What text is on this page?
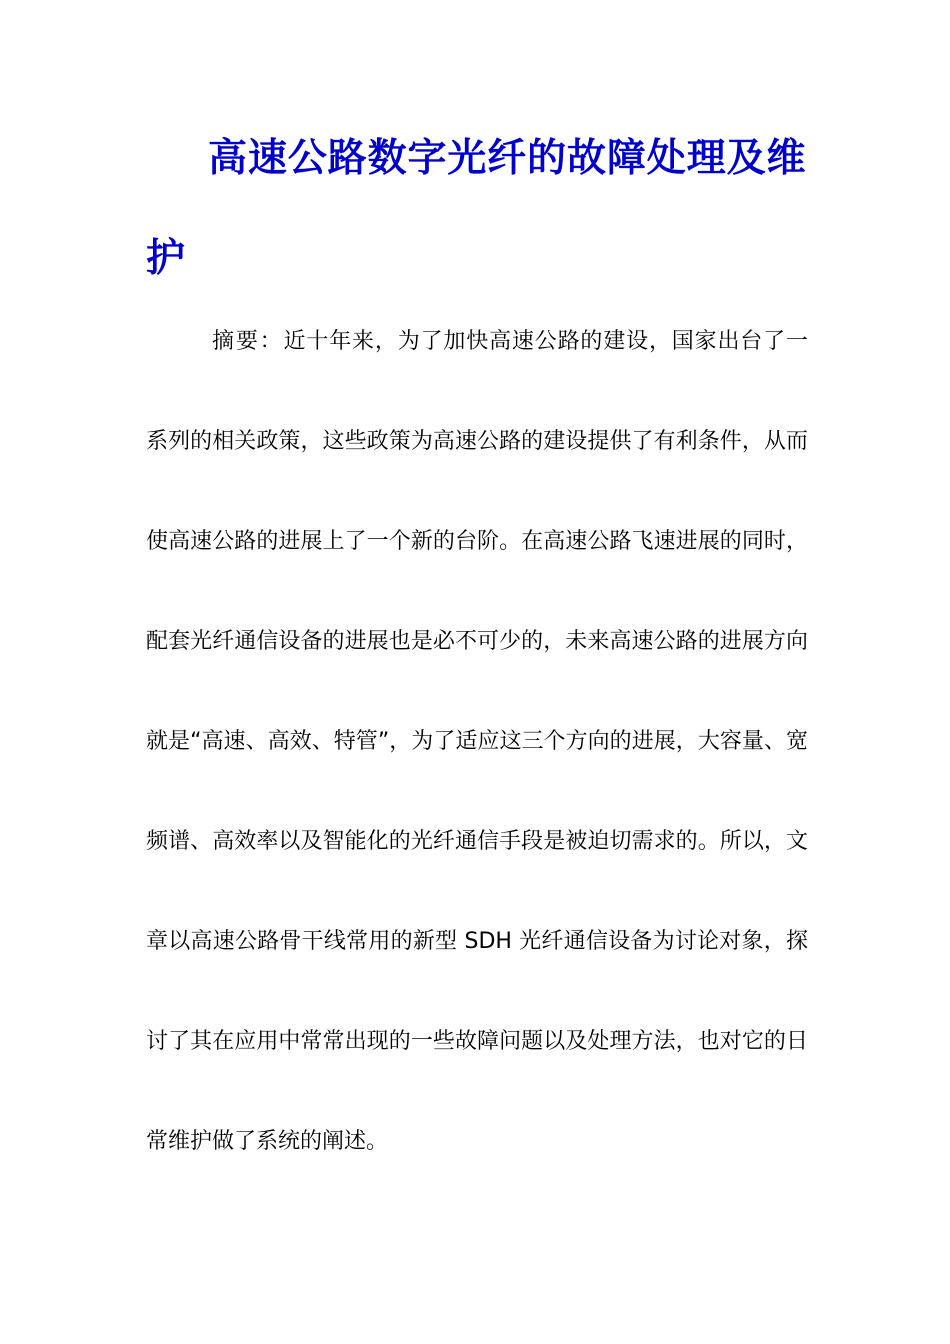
高速公路数字光纤的故障处理及维护

摘要：近十年来，为了加快高速公路的建设，国家出台了一系列的相关政策，这些政策为高速公路的建设提供了有利条件，从而使高速公路的进展上了一个新的台阶。在高速公路飞速进展的同时，配套光纤通信设备的进展也是必不可少的，未来高速公路的进展方向就是“高速、高效、特管”，为了适应这三个方向的进展，大容量、宽频谱、高效率以及智能化的光纤通信手段是被迫切需求的。所以，文章以高速公路骨干线常用的新型 SDH 光纤通信设备为讨论对象，探讨了其在应用中常常出现的一些故障问题以及处理方法，也对它的日常维护做了系统的阐述。
